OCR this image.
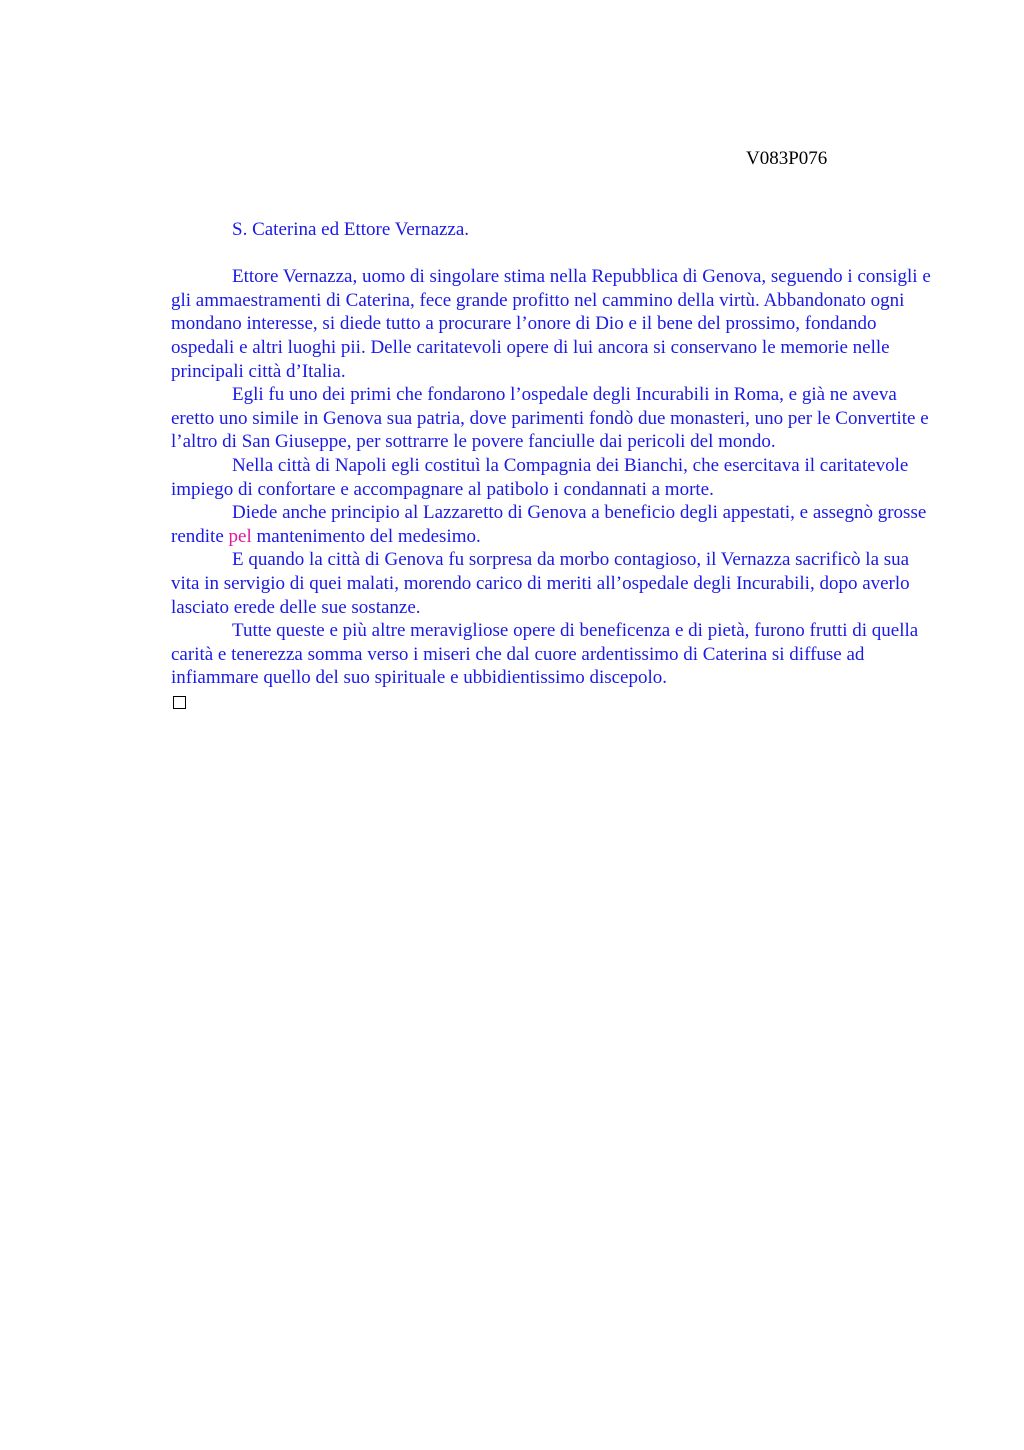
V083P076
S. Caterina ed Ettore Vernazza.

Ettore Vernazza, uomo di singolare stima nella Repubblica di Genova, seguendo i consigli e gli ammaestramenti di Caterina, fece grande profitto nel cammino della virtù. Abbandonato ogni mondano interesse, si diede tutto a procurare l’onore di Dio e il bene del prossimo, fondando ospedali e altri luoghi pii. Delle caritatevoli opere di lui ancora si conservano le memorie nelle principali città d’Italia.

Egli fu uno dei primi che fondarono l’ospedale degli Incurabili in Roma, e già ne aveva eretto uno simile in Genova sua patria, dove parimenti fondò due monasteri, uno per le Convertite e l’altro di San Giuseppe, per sottrarre le povere fanciulle dai pericoli del mondo.

Nella città di Napoli egli costituì la Compagnia dei Bianchi, che esercitava il caritatevole impiego di confortare e accompagnare al patibolo i condannati a morte.

Diede anche principio al Lazzaretto di Genova a beneficio degli appestati, e assegnò grosse rendite pel mantenimento del medesimo.

E quando la città di Genova fu sorpresa da morbo contagioso, il Vernazza sacrificò la sua vita in servigio di quei malati, morendo carico di meriti all’ospedale degli Incurabili, dopo averlo lasciato erede delle sue sostanze.

Tutte queste e più altre meravigliose opere di beneficenza e di pietà, furono frutti di quella carità e tenerezza somma verso i miseri che dal cuore ardentissimo di Caterina si diffuse ad infiammare quello del suo spirituale e ubbidientissimo discepolo.
